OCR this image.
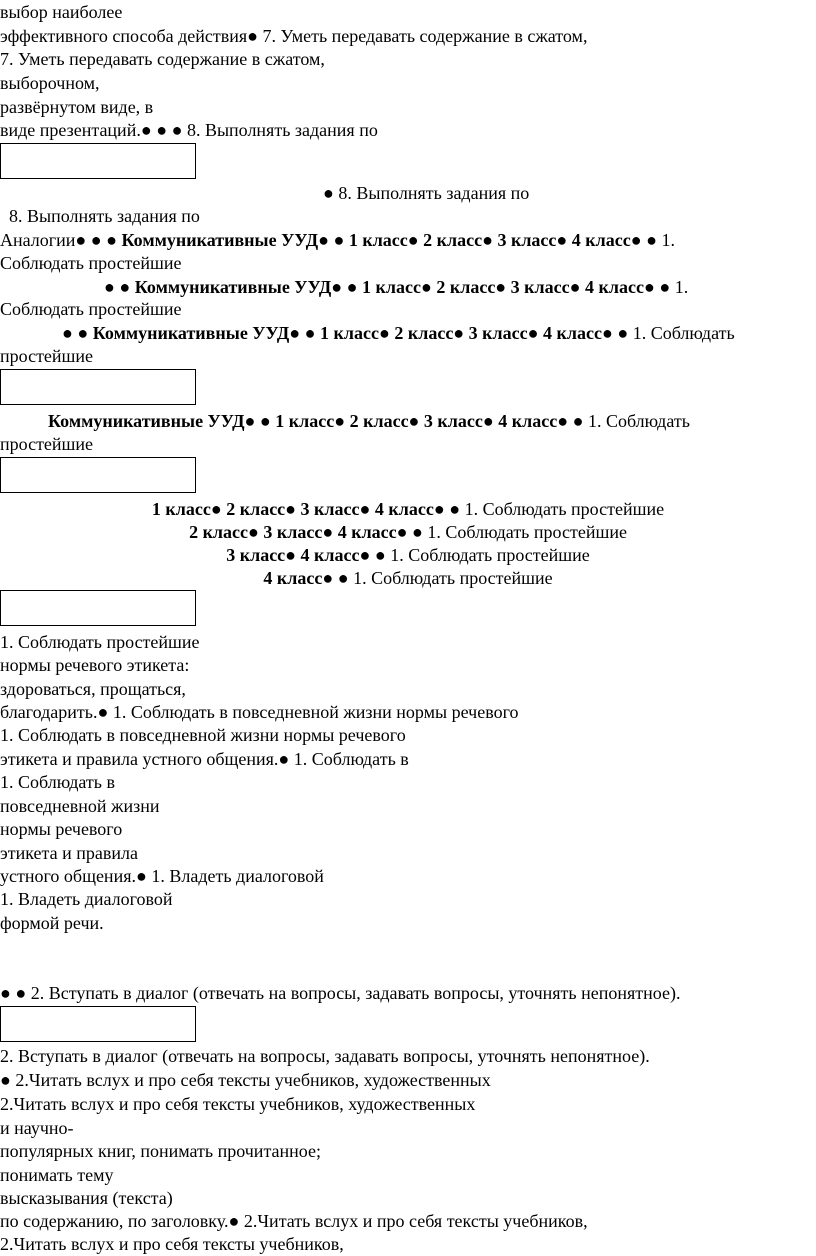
выбор наиболее
эффективного способа действия● 7. Уметь передавать содержание в сжатом,
7. Уметь передавать содержание в сжатом,
выборочном,
развёрнутом виде, в
виде презентаций.● ● ● 8. Выполнять задания по
● 8. Выполнять задания по
8. Выполнять задания по
Аналогии● ● ● Коммуникативные УУД● ● 1 класс● 2 класс● 3 класс● 4 класс● ● 1.
Соблюдать простейшие
● ● Коммуникативные УУД● ● 1 класс● 2 класс● 3 класс● 4 класс● ● 1.
Соблюдать простейшие
● ● Коммуникативные УУД● ● 1 класс● 2 класс● 3 класс● 4 класс● ● 1. Соблюдать
простейшие
Коммуникативные УУД● ● 1 класс● 2 класс● 3 класс● 4 класс● ● 1. Соблюдать
простейшие
1 класс● 2 класс● 3 класс● 4 класс● ● 1. Соблюдать простейшие
2 класс● 3 класс● 4 класс● ● 1. Соблюдать простейшие
3 класс● 4 класс● ● 1. Соблюдать простейшие
4 класс● ● 1. Соблюдать простейшие
1. Соблюдать простейшие
нормы речевого этикета:
здороваться, прощаться,
благодарить.● 1. Соблюдать в повседневной жизни нормы речевого
1. Соблюдать в повседневной жизни нормы речевого
этикета и правила устного общения.● 1. Соблюдать в
1. Соблюдать в
повседневной жизни
нормы речевого
этикета и правила
устного общения.● 1. Владеть диалоговой
1. Владеть диалоговой
формой речи.
● ● 2. Вступать в диалог (отвечать на вопросы, задавать вопросы, уточнять непонятное).
2. Вступать в диалог (отвечать на вопросы, задавать вопросы, уточнять непонятное).
● 2.Читать вслух и про себя тексты учебников, художественных
2.Читать вслух и про себя тексты учебников, художественных
и научно-
популярных книг, понимать прочитанное;
понимать тему
высказывания (текста)
по содержанию, по заголовку.● 2.Читать вслух и про себя тексты учебников,
2.Читать вслух и про себя тексты учебников,
